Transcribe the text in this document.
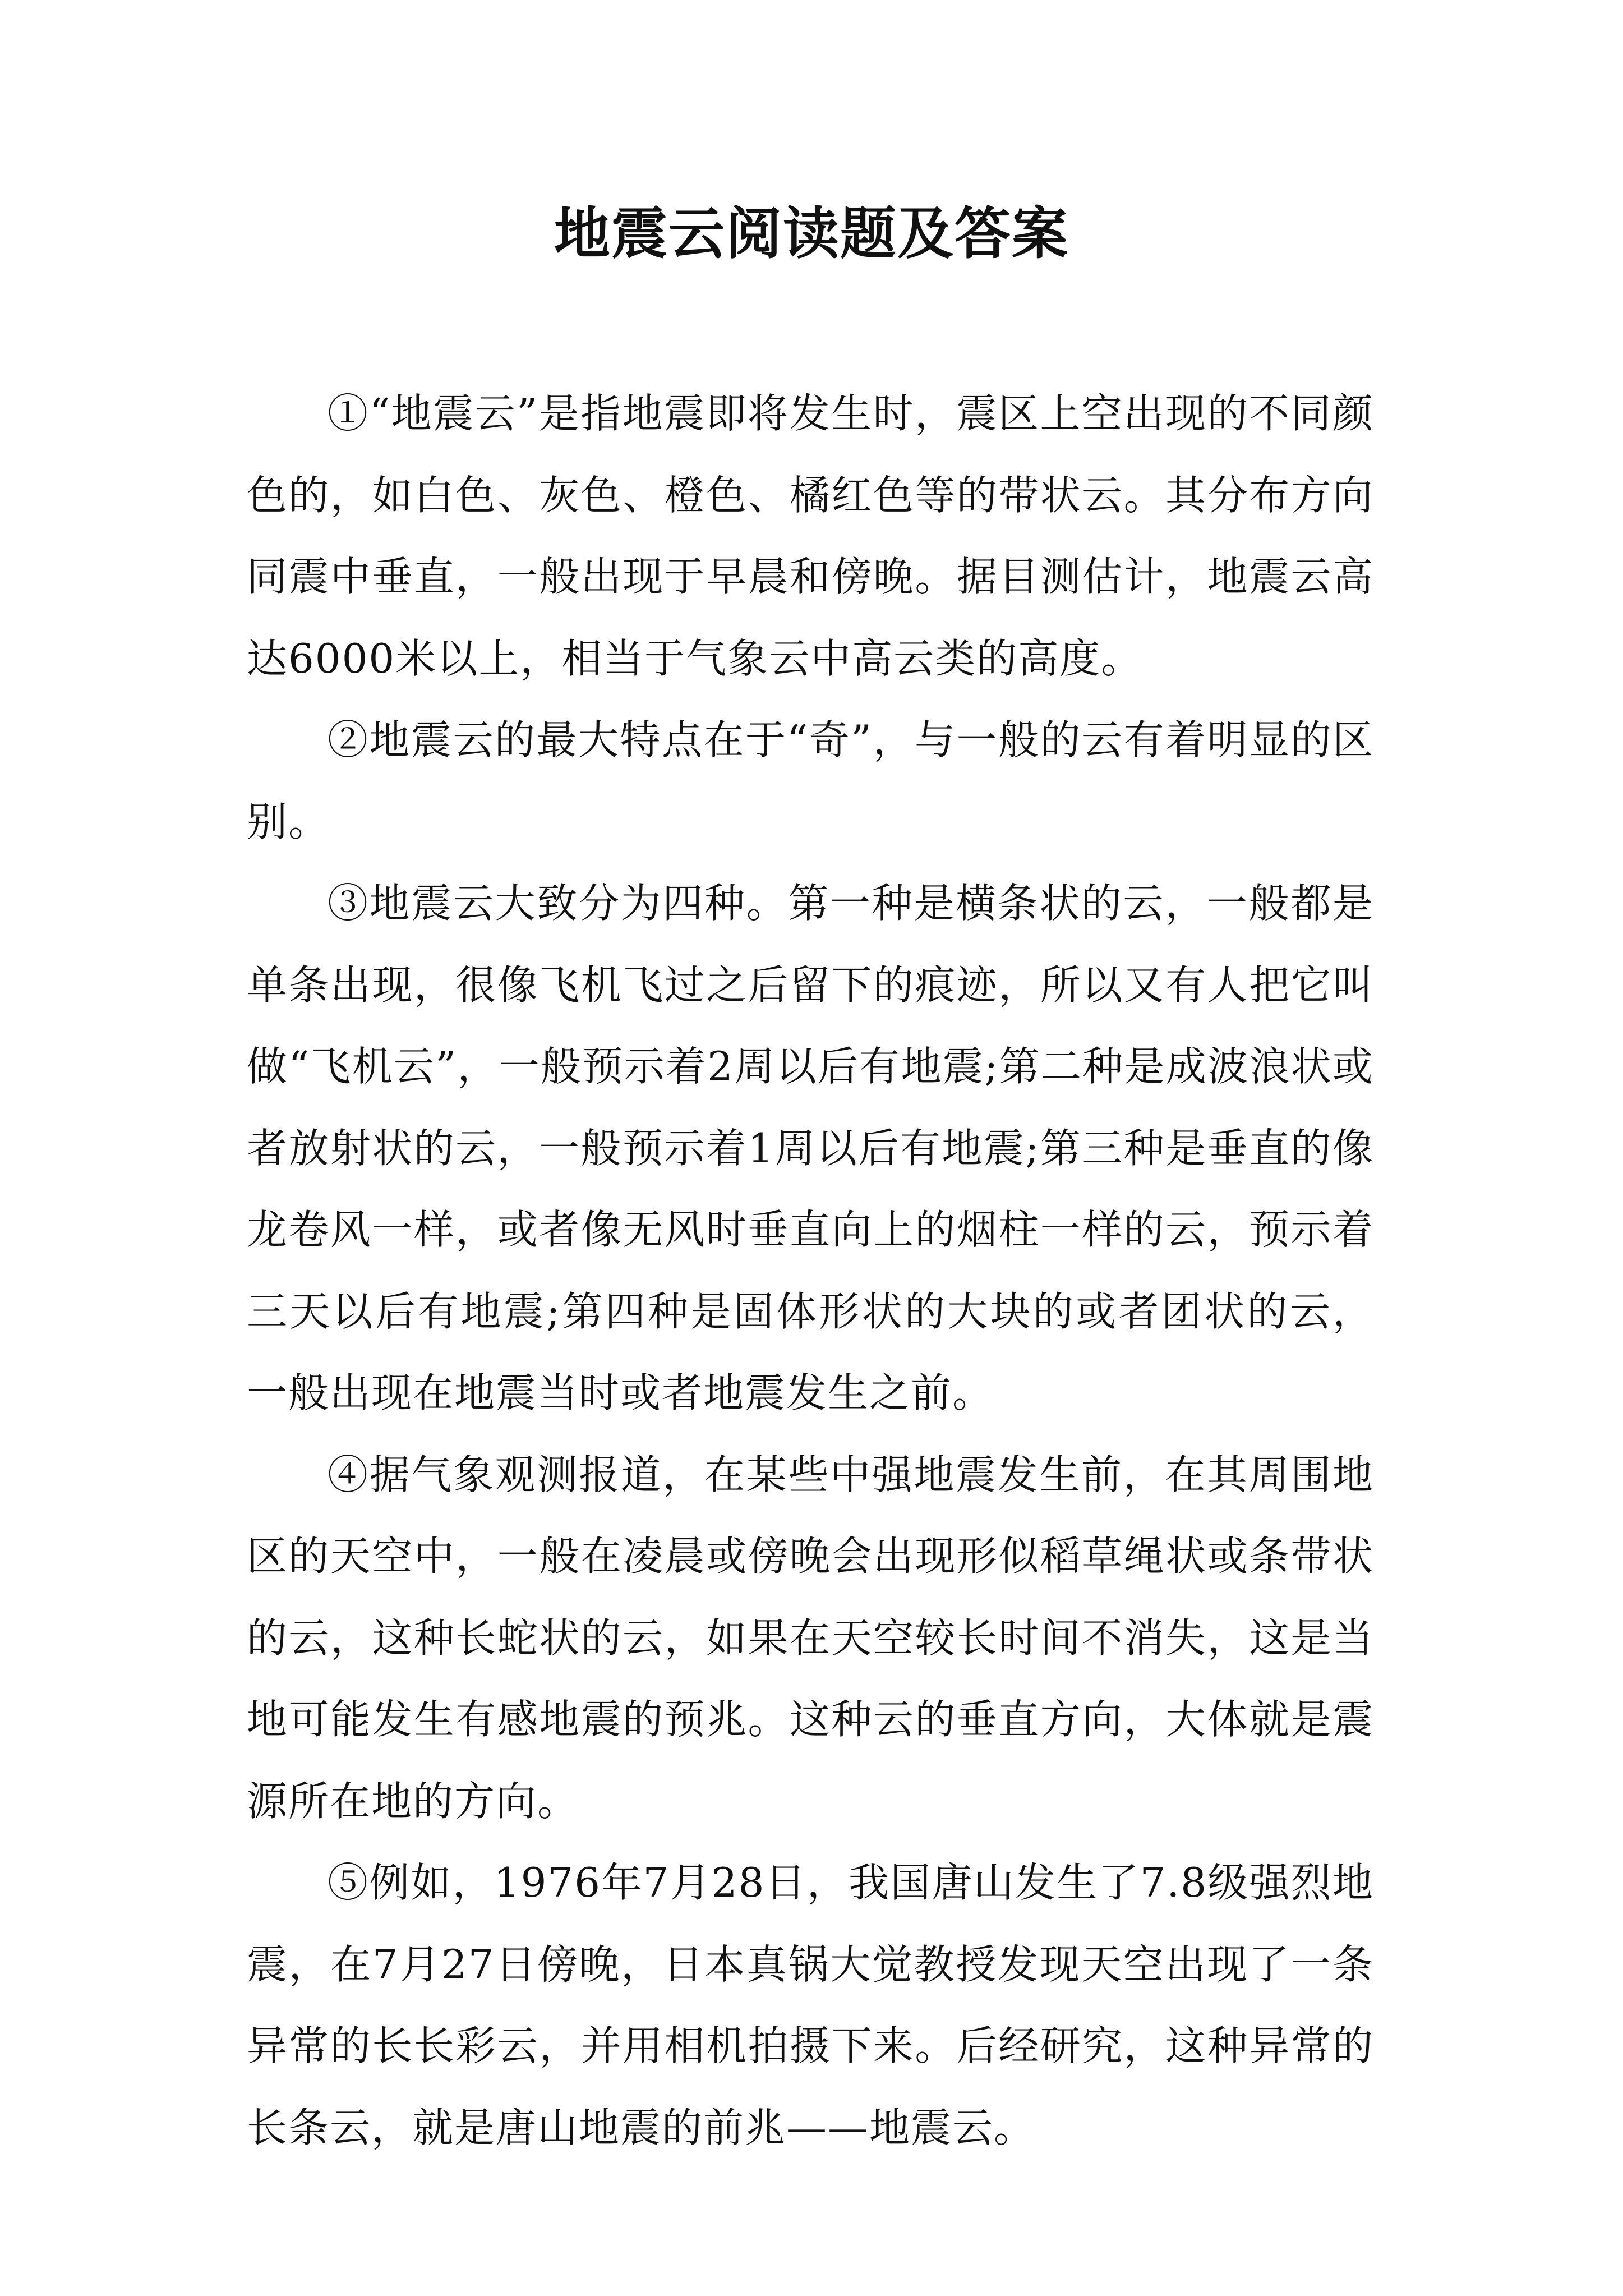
地震云阅读题及答案

①“地震云”是指地震即将发生时，震区上空出现的不同颜色的，如白色、灰色、橙色、橘红色等的带状云。其分布方向同震中垂直，一般出现于早晨和傍晚。据目测估计，地震云高达6000米以上，相当于气象云中高云类的高度。

②地震云的最大特点在于“奇”，与一般的云有着明显的区别。

③地震云大致分为四种。第一种是横条状的云，一般都是单条出现，很像飞机飞过之后留下的痕迹，所以又有人把它叫做“飞机云”，一般预示着2周以后有地震;第二种是成波浪状或者放射状的云，一般预示着1周以后有地震;第三种是垂直的像龙卷风一样，或者像无风时垂直向上的烟柱一样的云，预示着三天以后有地震;第四种是固体形状的大块的或者团状的云，一般出现在地震当时或者地震发生之前。

④据气象观测报道，在某些中强地震发生前，在其周围地区的天空中，一般在凌晨或傍晚会出现形似稻草绳状或条带状的云，这种长蛇状的云，如果在天空较长时间不消失，这是当地可能发生有感地震的预兆。这种云的垂直方向，大体就是震源所在地的方向。

⑤例如，1976年7月28日，我国唐山发生了7.8级强烈地震，在7月27日傍晚，日本真锅大觉教授发现天空出现了一条异常的长长彩云，并用相机拍摄下来。后经研究，这种异常的长条云，就是唐山地震的前兆——地震云。
